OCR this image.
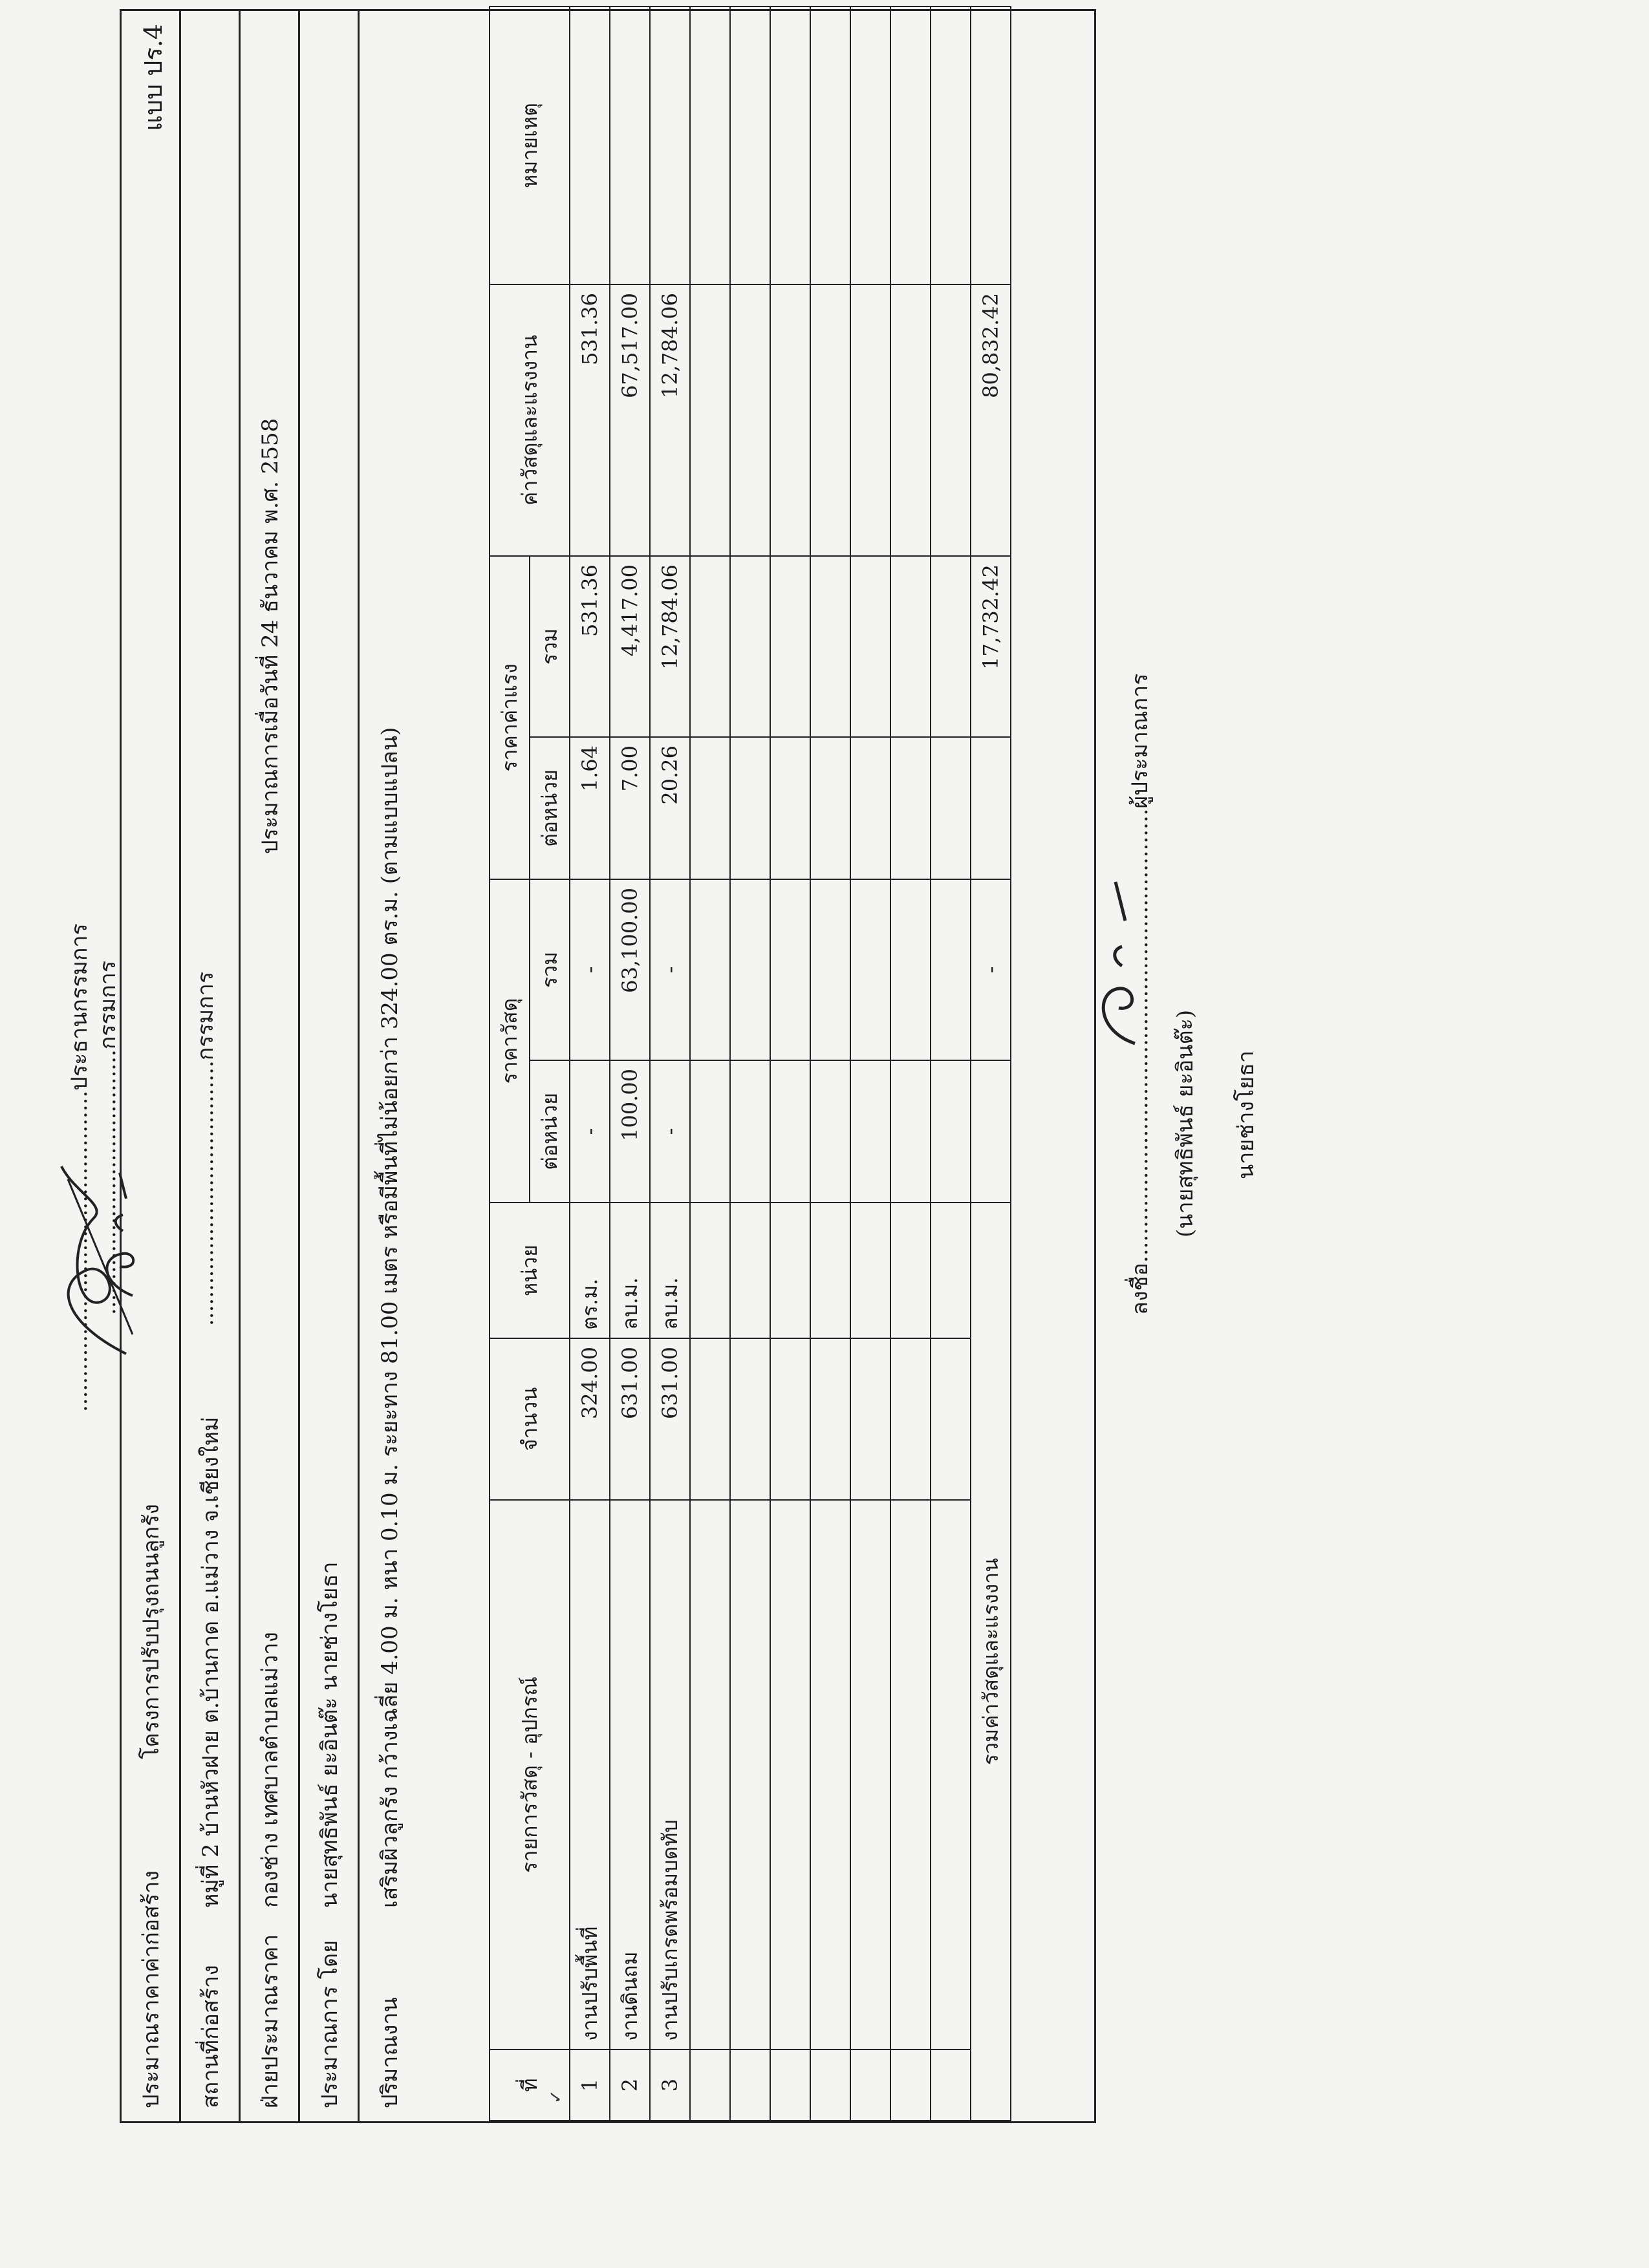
..............................................ประธานกรรมการ
......................................กรรมการ
แบบ ปร.4
ประมาณราคาค่าก่อสร้าง
โครงการปรับปรุงถนนลูกรัง
สถานที่ก่อสร้าง
หมู่ที่ 2 บ้านหัวฝาย ต.บ้านกาด อ.แม่วาง จ.เชียงใหม่
......................................กรรมการ
ฝ่ายประมาณราคา
กองช่าง เทศบาลตำบลแม่วาง
ประมาณการเมื่อวันที่ 24 ธันวาคม พ.ศ. 2558
ประมาณการ โดย
นายสุทธิพันธ์ ยะอินต๊ะ นายช่างโยธา
ปริมาณงาน
เสริมผิวลูกรัง กว้างเฉลี่ย 4.00 ม. หนา 0.10 ม. ระยะทาง 81.00 เมตร หรือมีพื้นที่ไม่น้อยกว่า 324.00 ตร.ม. (ตามแบบแปลน)
ที่	รายการวัสดุ - อุปกรณ์	จำนวน	หน่วย	ราคาวัสดุ		ราคาค่าแรง		ค่าวัสดุและแรงงาน	หมายเหตุ
				ต่อหน่วย	รวม	ต่อหน่วย	รวม		
1	งานปรับพื้นที่	324.00	ตร.ม.	-	-	1.64	531.36	531.36	
2	งานดินถม	631.00	ลบ.ม.	100.00	63,100.00	7.00	4,417.00	67,517.00	
3	งานปรับเกรดพร้อมบดทับ	631.00	ลบ.ม.	-	-	20.26	12,784.06	12,784.06	

รวมค่าวัสดุและแรงงาน					-		17,732.42	80,832.42	
ลงชื่อ.................................................................ผู้ประมาณการ
(นายสุทธิพันธ์ ยะอินต๊ะ) นายช่างโยธา
✓
